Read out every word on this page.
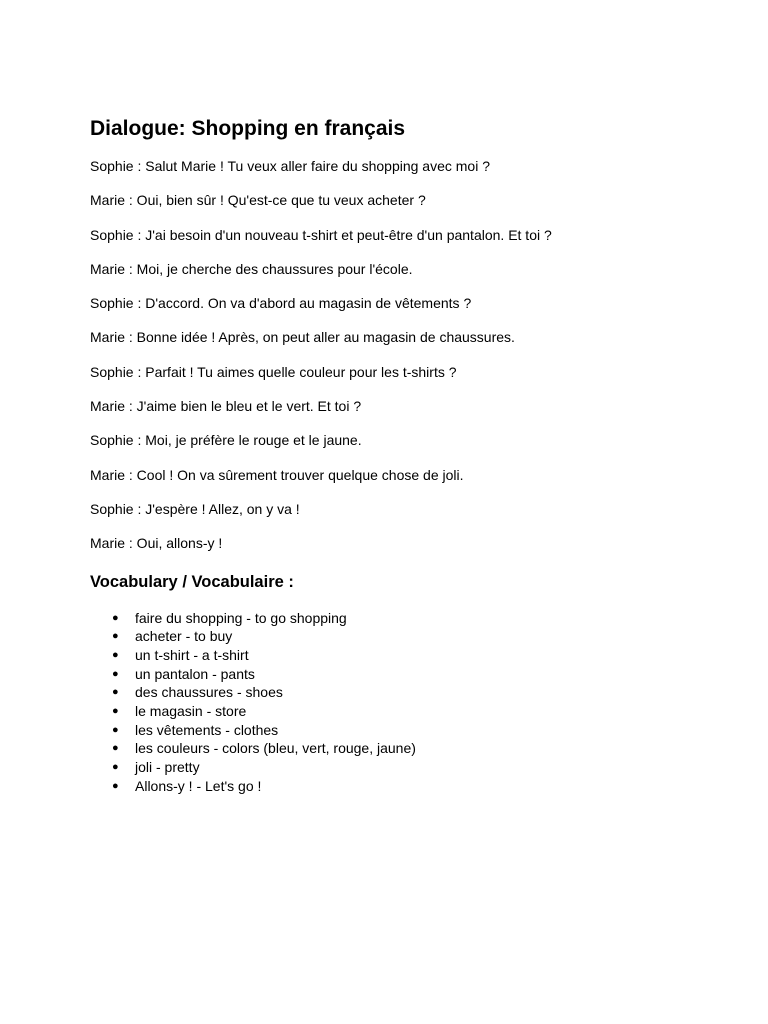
Dialogue: Shopping en français

Sophie : Salut Marie ! Tu veux aller faire du shopping avec moi ?

Marie : Oui, bien sûr ! Qu'est-ce que tu veux acheter ?

Sophie : J'ai besoin d'un nouveau t-shirt et peut-être d'un pantalon. Et toi ?

Marie : Moi, je cherche des chaussures pour l'école.

Sophie : D'accord. On va d'abord au magasin de vêtements ?

Marie : Bonne idée ! Après, on peut aller au magasin de chaussures.

Sophie : Parfait ! Tu aimes quelle couleur pour les t-shirts ?

Marie : J'aime bien le bleu et le vert. Et toi ?

Sophie : Moi, je préfère le rouge et le jaune.

Marie : Cool ! On va sûrement trouver quelque chose de joli.

Sophie : J'espère ! Allez, on y va !

Marie : Oui, allons-y !

Vocabulary / Vocabulaire :
● faire du shopping - to go shopping
● acheter - to buy
● un t-shirt - a t-shirt
● un pantalon - pants
● des chaussures - shoes
● le magasin - store
● les vêtements - clothes
● les couleurs - colors (bleu, vert, rouge, jaune)
● joli - pretty
● Allons-y ! - Let's go !
